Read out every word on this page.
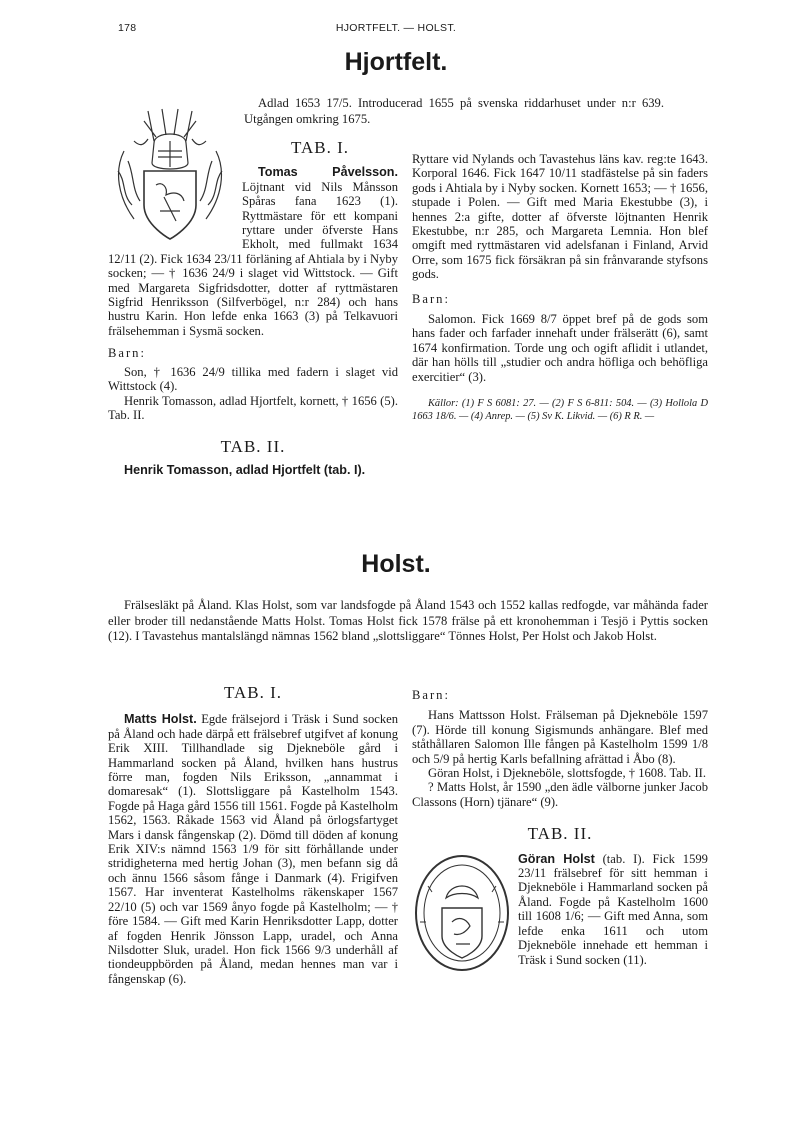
178	HJORTFELT. — HOLST.
Hjortfelt.
Adlad 1653 17/5. Introducerad 1655 på svenska riddarhuset under n:r 639. Utgången omkring 1675.
TAB. I.

Tomas Påvelsson. Löjtnant vid Nils Månsson Spåras fana 1623 (1). Ryttmästare för ett kompani ryttare under öfverste Hans Ekholt, med fullmakt 1634 12/11 (2). Fick 1634 23/11 förläning af Ahtiala by i Nyby socken; — † 1636 24/9 i slaget vid Wittstock. — Gift med Margareta Sigfridsdotter, dotter af ryttmästaren Sigfrid Henriksson (Silfverbögel, n:r 284) och hans hustru Karin. Hon lefde enka 1663 (3) på Telkavuori frälsehemman i Sysmä socken.

Barn:

Son, † 1636 24/9 tillika med fadern i slaget vid Wittstock (4).

Henrik Tomasson, adlad Hjortfelt, kornett, † 1656 (5). Tab. II.

TAB. II.

Henrik Tomasson, adlad Hjortfelt (tab. I).

Ryttare vid Nylands och Tavastehus läns kav. reg:te 1643. Korporal 1646. Fick 1647 10/11 stadfästelse på sin faders gods i Ahtiala by i Nyby socken. Kornett 1653; — † 1656, stupade i Polen. — Gift med Maria Ekestubbe (3), i hennes 2:a gifte, dotter af öfverste löjtnanten Henrik Ekestubbe, n:r 285, och Margareta Lemnia. Hon blef omgift med ryttmästaren vid adelsfanan i Finland, Arvid Orre, som 1675 fick försäkran på sin frånvarande styfsons gods.

Barn:

Salomon. Fick 1669 8/7 öppet bref på de gods som hans fader och farfader innehaft under frälserätt (6), samt 1674 konfirmation. Torde ung och ogift aflidit i utlandet, där han hölls till „studier och andra höfliga och behöfliga exercitier“ (3).

Källor: (1) F S 6081: 27. — (2) F S 6-811: 504. — (3) Hollola D 1663 18/6. — (4) Anrep. — (5) Sv K. Likvid. — (6) R R. —

Holst.
Frälsesläkt på Åland. Klas Holst, som var landsfogde på Åland 1543 och 1552 kallas redfogde, var måhända fader eller broder till nedanstående Matts Holst. Tomas Holst fick 1578 frälse på ett kronohemman i Tesjö i Pyttis socken (12). I Tavastehus mantalslängd nämnas 1562 bland „slottsliggare“ Tönnes Holst, Per Holst och Jakob Holst.
TAB. I.

Matts Holst. Egde frälsejord i Träsk i Sund socken på Åland och hade därpå ett frälsebref utgifvet af konung Erik XIII. Tillhandlade sig Djekneböle gård i Hammarland socken på Åland, hvilken hans hustrus förre man, fogden Nils Eriksson, „annammat i domaresak“ (1). Slottsliggare på Kastelholm 1543. Fogde på Haga gård 1556 till 1561. Fogde på Kastelholm 1562, 1563. Råkade 1563 vid Åland på örlogsfartyget Mars i dansk fångenskap (2). Dömd till döden af konung Erik XIV:s nämnd 1563 1/9 för sitt förhållande under stridigheterna med hertig Johan (3), men befann sig då och ännu 1566 såsom fånge i Danmark (4). Frigifven 1567. Har inventerat Kastelholms räkenskaper 1567 22/10 (5) och var 1569 ånyo fogde på Kastelholm; — † före 1584. — Gift med Karin Henriksdotter Lapp, dotter af fogden Henrik Jönsson Lapp, uradel, och Anna Nilsdotter Sluk, uradel. Hon fick 1566 9/3 underhåll af tiondeuppbörden på Åland, medan hennes man var i fångenskap (6).

Barn:

Hans Mattsson Holst. Frälseman på Djekneböle 1597 (7). Hörde till konung Sigismunds anhängare. Blef med ståthållaren Salomon Ille fången på Kastelholm 1599 1/8 och 5/9 på hertig Karls befallning afrättad i Åbo (8).

Göran Holst, i Djekneböle, slottsfogde, † 1608. Tab. II.

? Matts Holst, år 1590 „den ädle välborne junker Jacob Classons (Horn) tjänare“ (9).

TAB. II.

Göran Holst (tab. I). Fick 1599 23/11 frälsebref för sitt hemman i Djekneböle i Hammarland socken på Åland. Fogde på Kastelholm 1600 till 1608 1/6; — Gift med Anna, som lefde enka 1611 och utom Djekneböle innehade ett hemman i Träsk i Sund socken (11).
